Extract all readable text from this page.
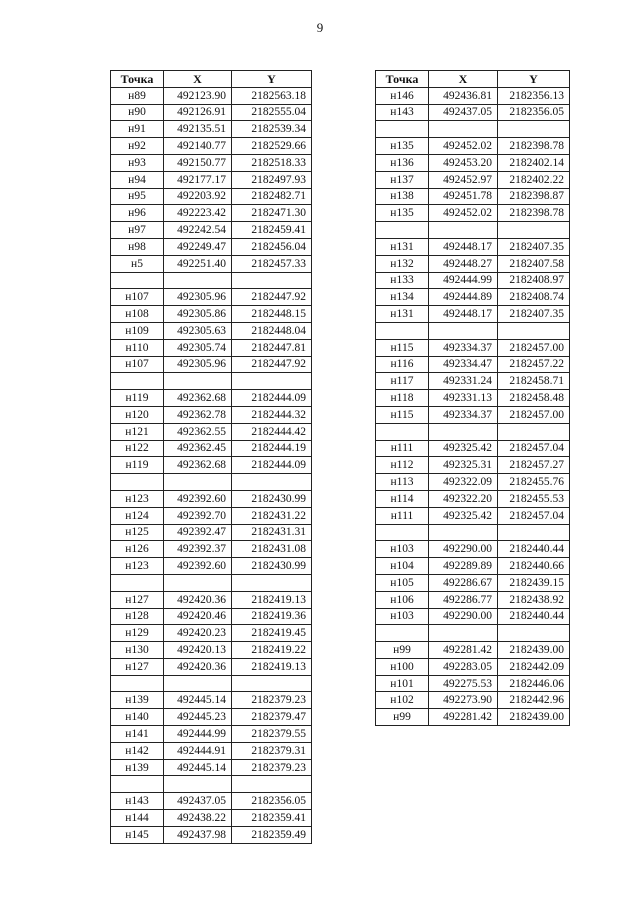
9
Точка	X	Y
н89	492123.90	2182563.18
н90	492126.91	2182555.04
н91	492135.51	2182539.34
н92	492140.77	2182529.66
н93	492150.77	2182518.33
н94	492177.17	2182497.93
н95	492203.92	2182482.71
н96	492223.42	2182471.30
н97	492242.54	2182459.41
н98	492249.47	2182456.04
н5	492251.40	2182457.33

н107	492305.96	2182447.92
н108	492305.86	2182448.15
н109	492305.63	2182448.04
н110	492305.74	2182447.81
н107	492305.96	2182447.92

н119	492362.68	2182444.09
н120	492362.78	2182444.32
н121	492362.55	2182444.42
н122	492362.45	2182444.19
н119	492362.68	2182444.09

н123	492392.60	2182430.99
н124	492392.70	2182431.22
н125	492392.47	2182431.31
н126	492392.37	2182431.08
н123	492392.60	2182430.99

н127	492420.36	2182419.13
н128	492420.46	2182419.36
н129	492420.23	2182419.45
н130	492420.13	2182419.22
н127	492420.36	2182419.13

н139	492445.14	2182379.23
н140	492445.23	2182379.47
н141	492444.99	2182379.55
н142	492444.91	2182379.31
н139	492445.14	2182379.23

н143	492437.05	2182356.05
н144	492438.22	2182359.41
н145	492437.98	2182359.49
Точка	X	Y
н146	492436.81	2182356.13
н143	492437.05	2182356.05

н135	492452.02	2182398.78
н136	492453.20	2182402.14
н137	492452.97	2182402.22
н138	492451.78	2182398.87
н135	492452.02	2182398.78

н131	492448.17	2182407.35
н132	492448.27	2182407.58
н133	492444.99	2182408.97
н134	492444.89	2182408.74
н131	492448.17	2182407.35

н115	492334.37	2182457.00
н116	492334.47	2182457.22
н117	492331.24	2182458.71
н118	492331.13	2182458.48
н115	492334.37	2182457.00

н111	492325.42	2182457.04
н112	492325.31	2182457.27
н113	492322.09	2182455.76
н114	492322.20	2182455.53
н111	492325.42	2182457.04

н103	492290.00	2182440.44
н104	492289.89	2182440.66
н105	492286.67	2182439.15
н106	492286.77	2182438.92
н103	492290.00	2182440.44

н99	492281.42	2182439.00
н100	492283.05	2182442.09
н101	492275.53	2182446.06
н102	492273.90	2182442.96
н99	492281.42	2182439.00
